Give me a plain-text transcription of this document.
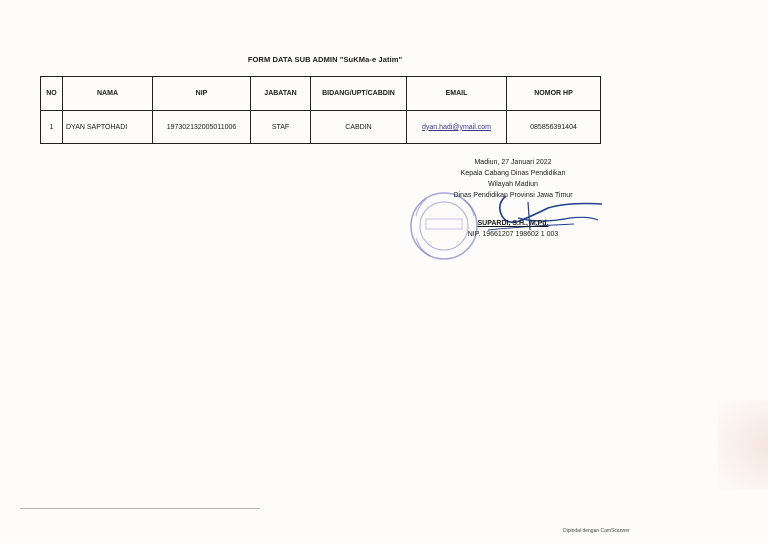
FORM DATA SUB ADMIN "SuKMa-e Jatim"
NO	NAMA	NIP	JABATAN	BIDANG/UPT/CABDIN	EMAIL	NOMOR HP
1	DYAN SAPTOHADI	197302132005011006	STAF	CABDIN	dyan.hadi@ymail.com	085856391404
Madiun, 27 Januari 2022
Kepala Cabang Dinas Pendidikan
Wilayah Madiun
Dinas Pendidikan Provinsi Jawa Timur
SUPARDI, S.H., M.Pd.
NIP. 19661207 198602 1 003
Dipindai dengan CamScanner
